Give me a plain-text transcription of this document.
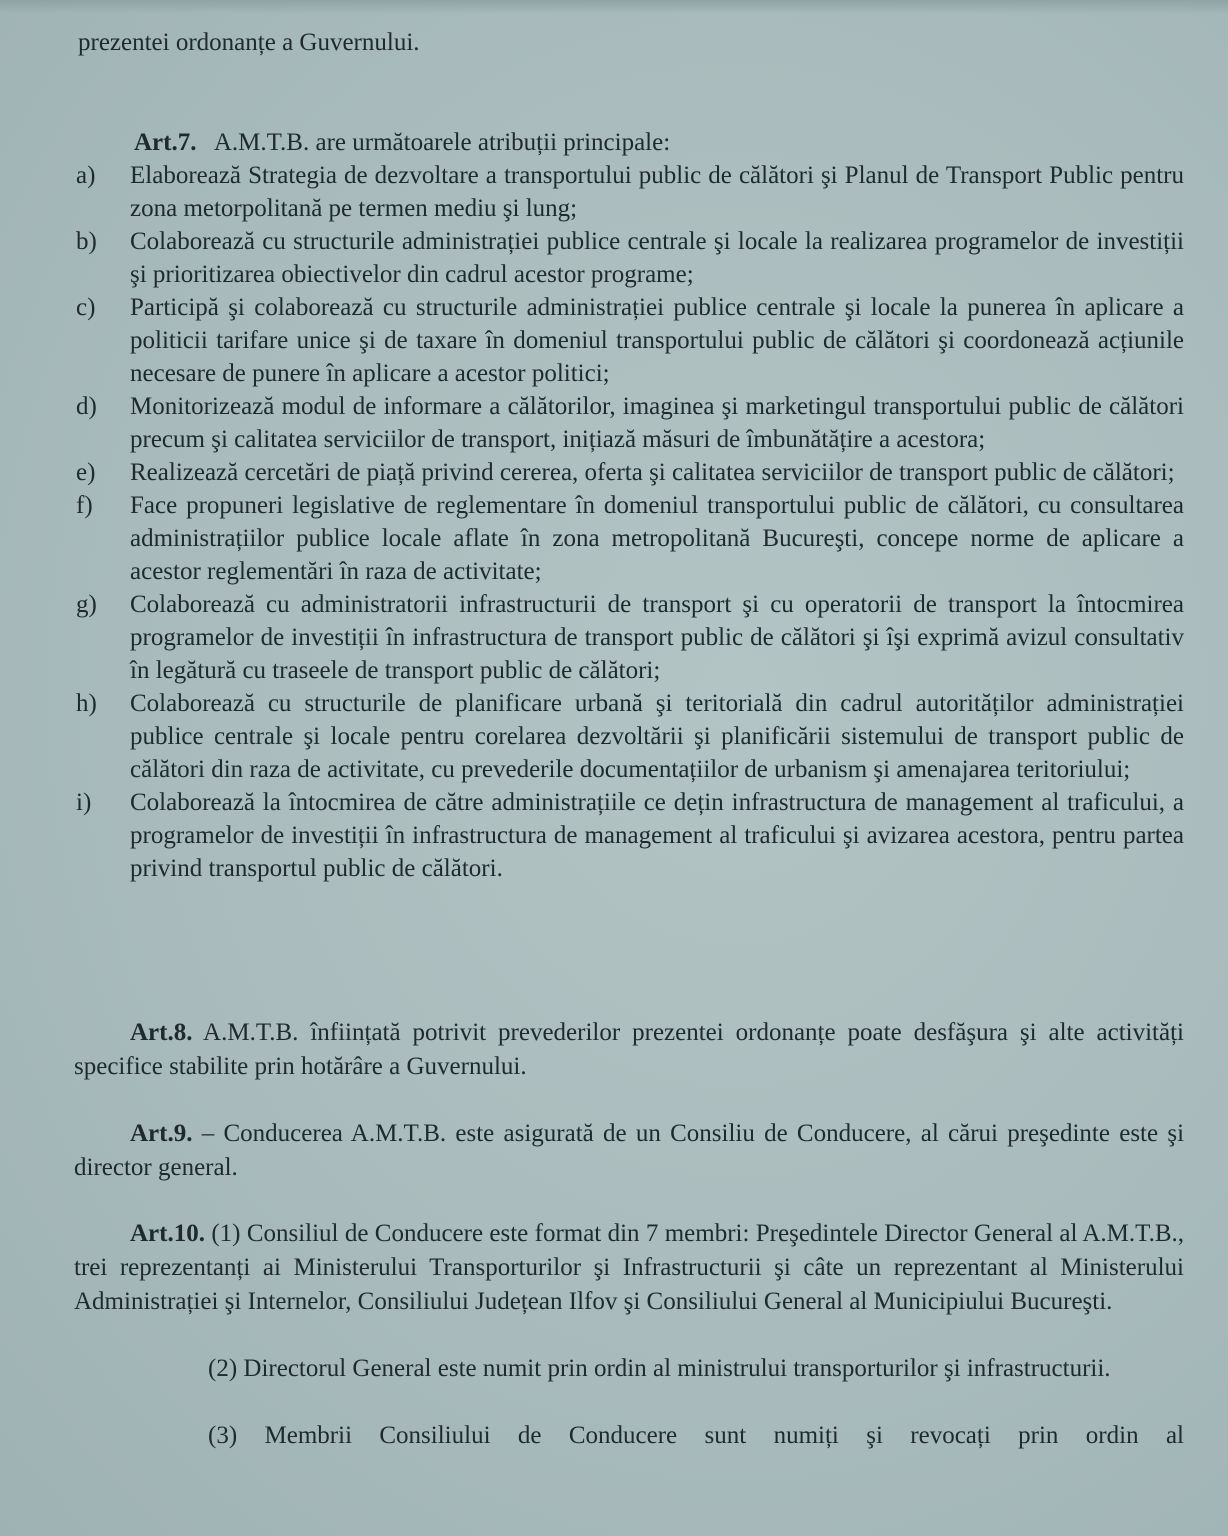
prezentei ordonanțe a Guvernului.
Art.7. A.M.T.B. are următoarele atribuții principale:
a) Elaborează Strategia de dezvoltare a transportului public de călători şi Planul de Transport Public pentru zona metorpolitană pe termen mediu şi lung;
b) Colaborează cu structurile administrației publice centrale şi locale la realizarea programelor de investiții şi prioritizarea obiectivelor din cadrul acestor programe;
c) Participă şi colaborează cu structurile administrației publice centrale şi locale la punerea în aplicare a politicii tarifare unice şi de taxare în domeniul transportului public de călători şi coordonează acțiunile necesare de punere în aplicare a acestor politici;
d) Monitorizează modul de informare a călătorilor, imaginea şi marketingul transportului public de călători precum şi calitatea serviciilor de transport, inițiază măsuri de îmbunătățire a acestora;
e) Realizează cercetări de piață privind cererea, oferta şi calitatea serviciilor de transport public de călători;
f) Face propuneri legislative de reglementare în domeniul transportului public de călători, cu consultarea administrațiilor publice locale aflate în zona metropolitană Bucureşti, concepe norme de aplicare a acestor reglementări în raza de activitate;
g) Colaborează cu administratorii infrastructurii de transport şi cu operatorii de transport la întocmirea programelor de investiții în infrastructura de transport public de călători şi îşi exprimă avizul consultativ în legătură cu traseele de transport public de călători;
h) Colaborează cu structurile de planificare urbană şi teritorială din cadrul autorităților administrației publice centrale şi locale pentru corelarea dezvoltării şi planificării sistemului de transport public de călători din raza de activitate, cu prevederile documentațiilor de urbanism şi amenajarea teritoriului;
i) Colaborează la întocmirea de către administrațiile ce dețin infrastructura de management al traficului, a programelor de investiții în infrastructura de management al traficului şi avizarea acestora, pentru partea privind transportul public de călători.
Art.8. A.M.T.B. înființată potrivit prevederilor prezentei ordonanțe poate desfăşura şi alte activități specifice stabilite prin hotărâre a Guvernului.
Art.9. – Conducerea A.M.T.B. este asigurată de un Consiliu de Conducere, al cărui preşedinte este şi director general.
Art.10. (1) Consiliul de Conducere este format din 7 membri: Preşedintele Director General al A.M.T.B., trei reprezentanți ai Ministerului Transporturilor şi Infrastructurii şi câte un reprezentant al Ministerului Administrației şi Internelor, Consiliului Județean Ilfov şi Consiliului General al Municipiului Bucureşti.
(2) Directorul General este numit prin ordin al ministrului transporturilor şi infrastructurii.
(3) Membrii Consiliului de Conducere sunt numiți şi revocați prin ordin al
